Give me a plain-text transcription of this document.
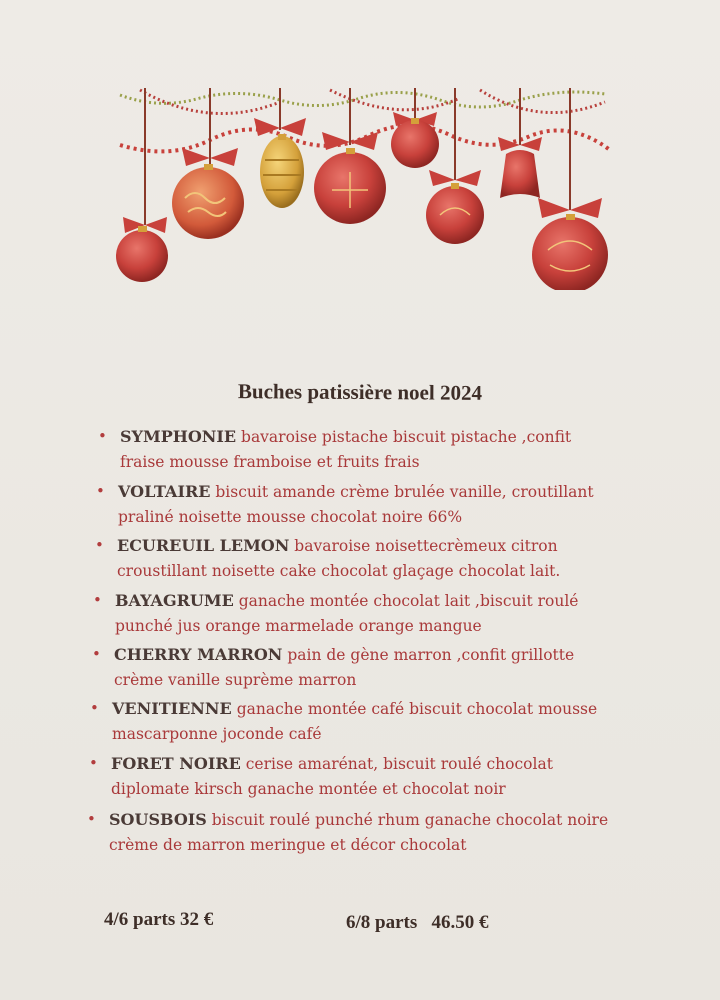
Buches patissière noel 2024
• SYMPHONIE bavaroise pistache biscuit pistache ,confit
fraise mousse framboise et fruits frais
• VOLTAIRE biscuit amande crème brulée vanille, croutillant
praliné noisette mousse chocolat noire 66%
• ECUREUIL LEMON bavaroise noisettecrèmeux citron
croustillant noisette cake chocolat glaçage chocolat lait.
• BAYAGRUME ganache montée chocolat lait ,biscuit roulé
punché jus orange marmelade orange mangue
• CHERRY MARRON pain de gène marron ,confit grillotte
crème vanille suprème marron
• VENITIENNE ganache montée café biscuit chocolat mousse
mascarponne joconde café
• FORET NOIRE cerise amarénat, biscuit roulé chocolat
diplomate kirsch ganache montée et chocolat noir
• SOUSBOIS biscuit roulé punché rhum ganache chocolat noire
crème de marron meringue et décor chocolat
4/6 parts 32 €	6/8 parts   46.50 €
